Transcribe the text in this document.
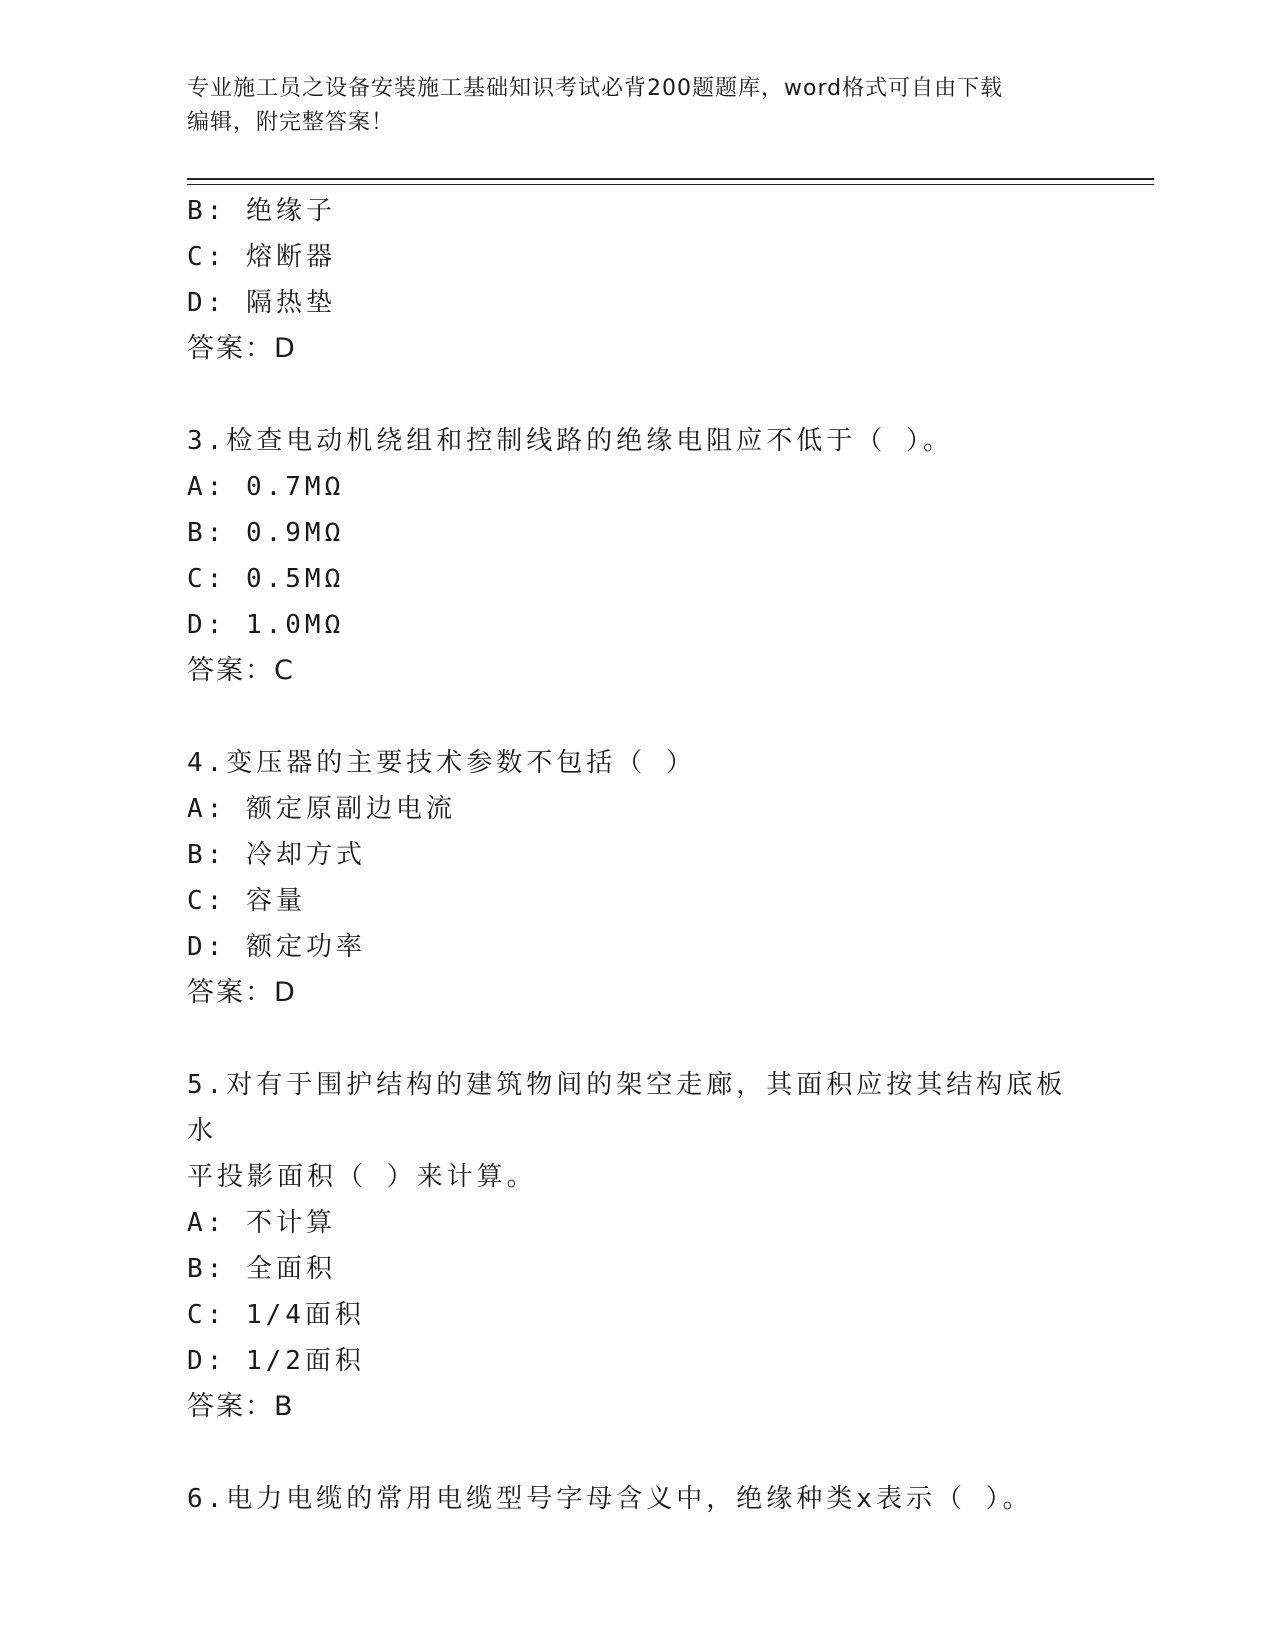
专业施工员之设备安装施工基础知识考试必背200题题库，word格式可自由下载
编辑，附完整答案！
B: 绝缘子
C: 熔断器
D: 隔热垫
答案：D
3.检查电动机绕组和控制线路的绝缘电阻应不低于（ ）。
A: 0.7MΩ
B: 0.9MΩ
C: 0.5MΩ
D: 1.0MΩ
答案：C
4.变压器的主要技术参数不包括（ ）
A: 额定原副边电流
B: 冷却方式
C: 容量
D: 额定功率
答案：D
5.对有于围护结构的建筑物间的架空走廊，其面积应按其结构底板水
平投影面积（ ）来计算。
A: 不计算
B: 全面积
C: 1/4面积
D: 1/2面积
答案：B
6.电力电缆的常用电缆型号字母含义中，绝缘种类x表示（ ）。
